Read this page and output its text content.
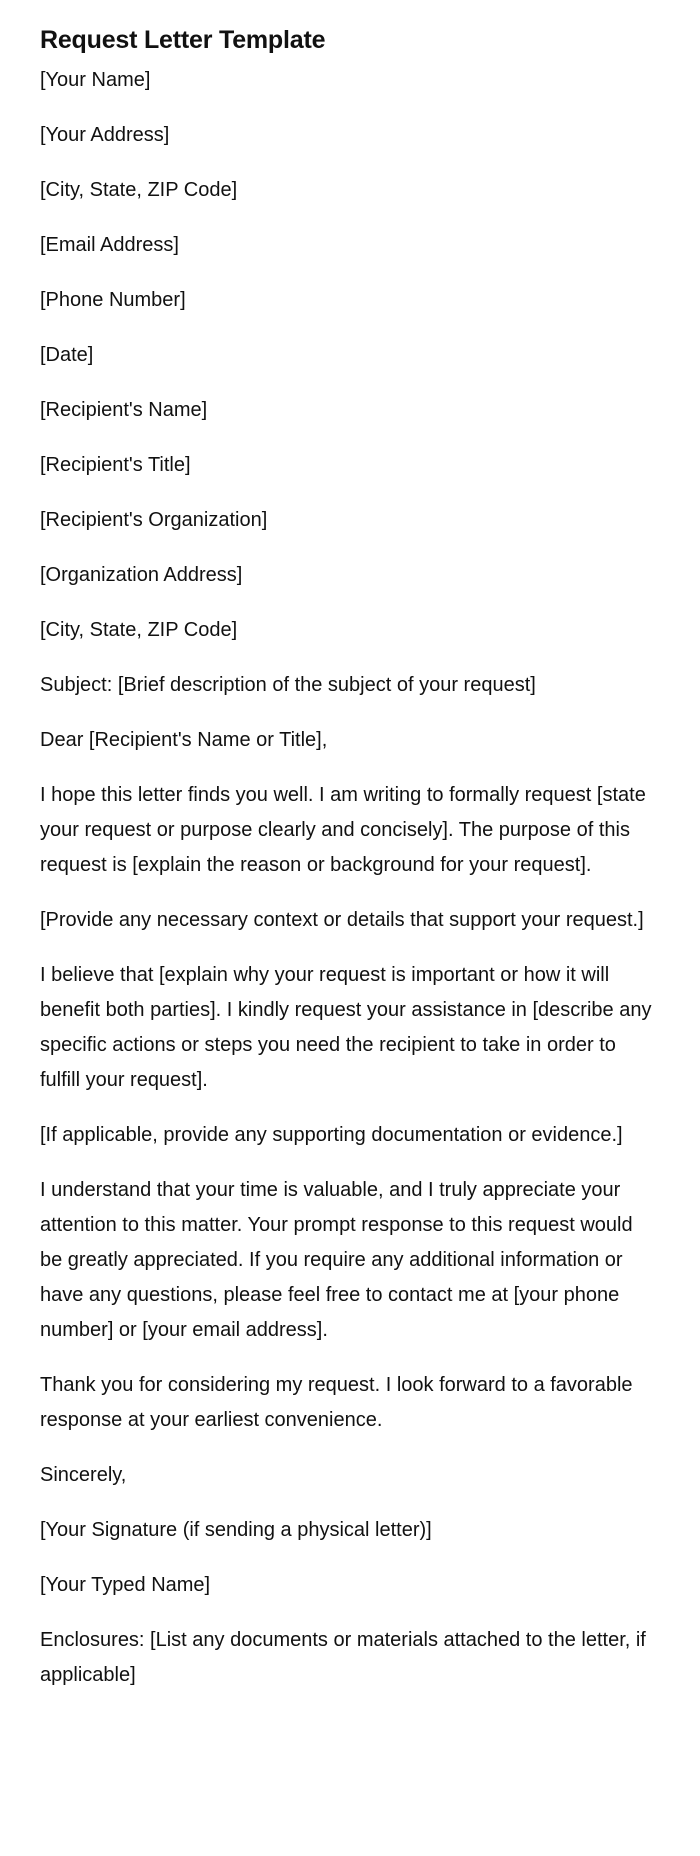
Request Letter Template

[Your Name]

[Your Address]

[City, State, ZIP Code]

[Email Address]

[Phone Number]

[Date]

[Recipient's Name]

[Recipient's Title]

[Recipient's Organization]

[Organization Address]

[City, State, ZIP Code]

Subject: [Brief description of the subject of your request]

Dear [Recipient's Name or Title],

I hope this letter finds you well. I am writing to formally request [state your request or purpose clearly and concisely]. The purpose of this request is [explain the reason or background for your request].

[Provide any necessary context or details that support your request.]

I believe that [explain why your request is important or how it will benefit both parties]. I kindly request your assistance in [describe any specific actions or steps you need the recipient to take in order to fulfill your request].

[If applicable, provide any supporting documentation or evidence.]

I understand that your time is valuable, and I truly appreciate your attention to this matter. Your prompt response to this request would be greatly appreciated. If you require any additional information or have any questions, please feel free to contact me at [your phone number] or [your email address].

Thank you for considering my request. I look forward to a favorable response at your earliest convenience.

Sincerely,

[Your Signature (if sending a physical letter)]

[Your Typed Name]

Enclosures: [List any documents or materials attached to the letter, if applicable]
